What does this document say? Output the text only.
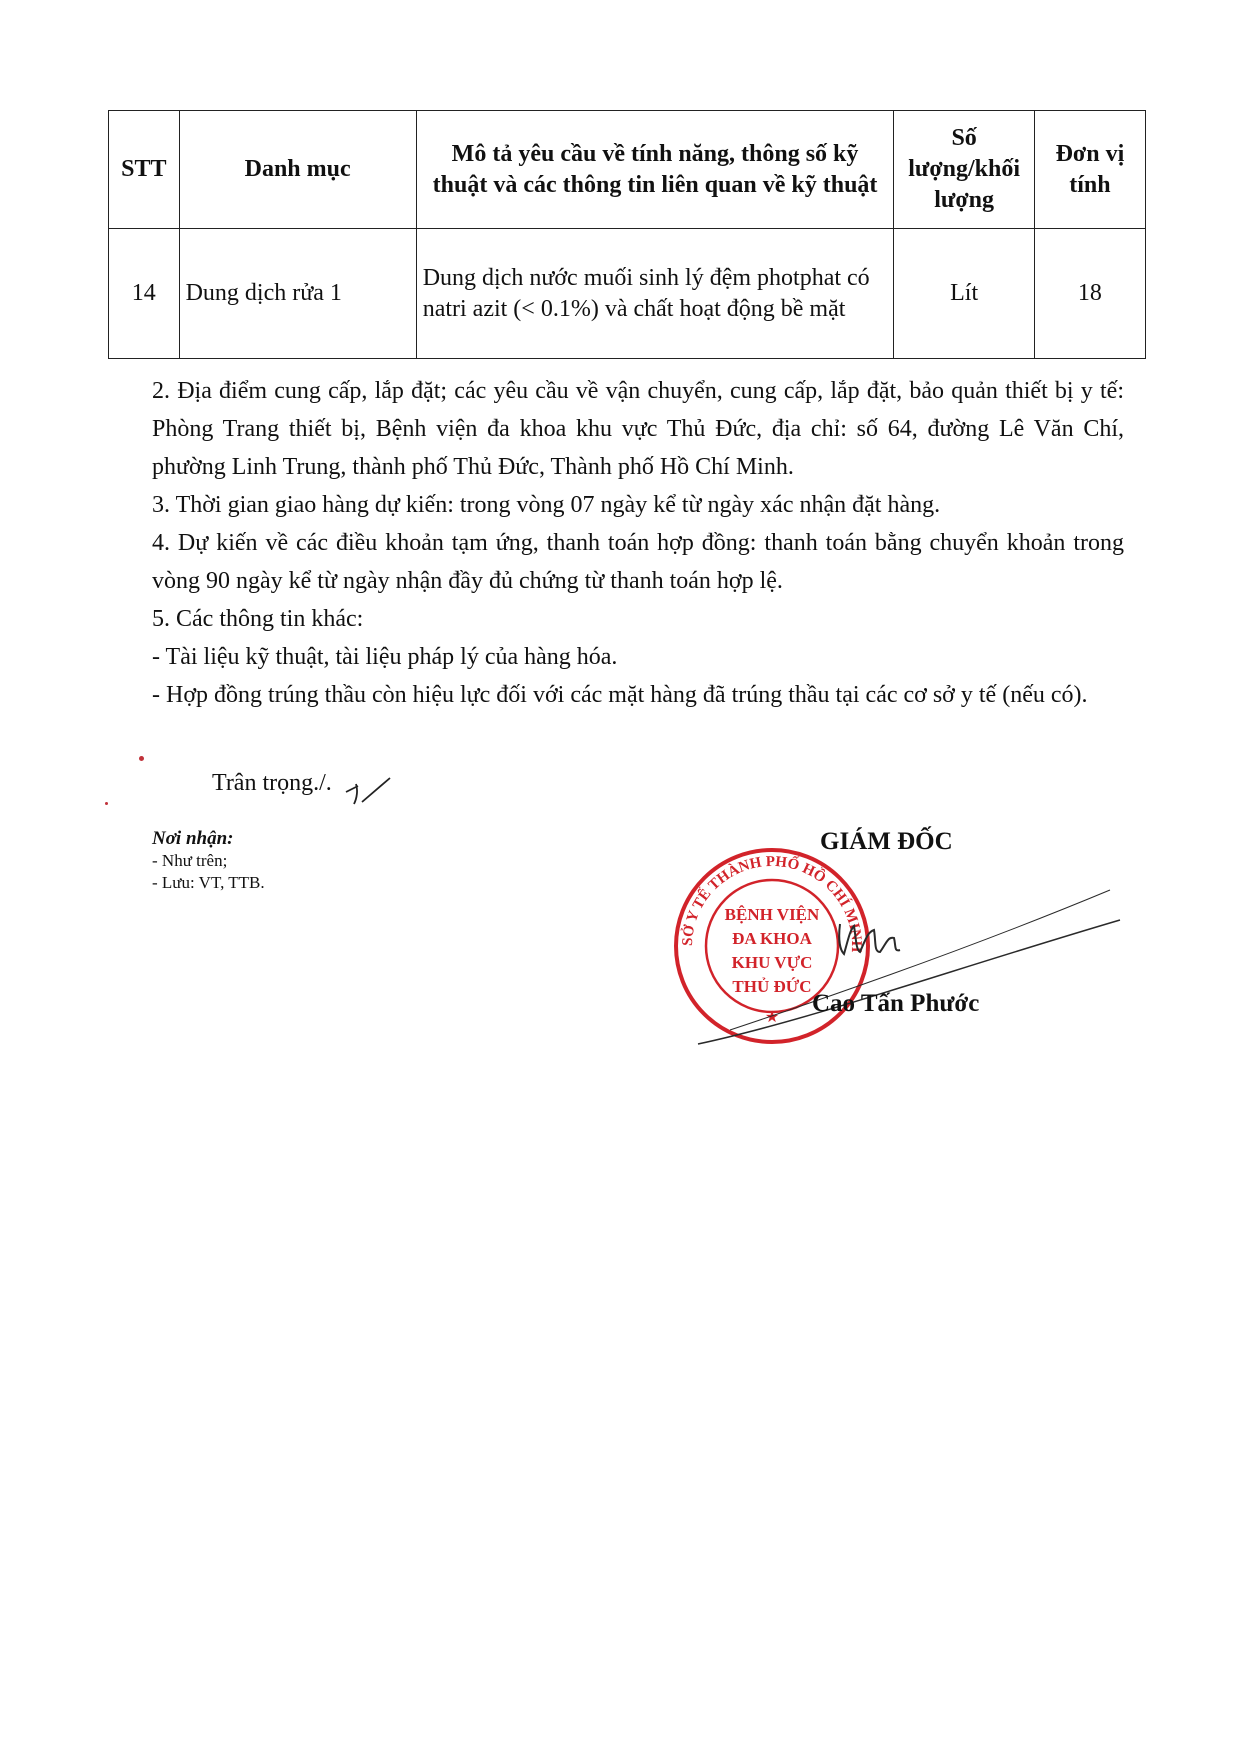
STT	Danh mục	Mô tả yêu cầu về tính năng, thông số kỹ thuật và các thông tin liên quan về kỹ thuật	Số lượng/khối lượng	Đơn vị tính
14	Dung dịch rửa 1	Dung dịch nước muối sinh lý đệm photphat có natri azit (< 0.1%) và chất hoạt động bề mặt	Lít	18
2. Địa điểm cung cấp, lắp đặt; các yêu cầu về vận chuyển, cung cấp, lắp đặt, bảo quản thiết bị y tế: Phòng Trang thiết bị, Bệnh viện đa khoa khu vực Thủ Đức, địa chỉ: số 64, đường Lê Văn Chí, phường Linh Trung, thành phố Thủ Đức, Thành phố Hồ Chí Minh.
3. Thời gian giao hàng dự kiến: trong vòng 07 ngày kể từ ngày xác nhận đặt hàng.
4. Dự kiến về các điều khoản tạm ứng, thanh toán hợp đồng: thanh toán bằng chuyển khoản trong vòng 90 ngày kể từ ngày nhận đầy đủ chứng từ thanh toán hợp lệ.
5. Các thông tin khác:
- Tài liệu kỹ thuật, tài liệu pháp lý của hàng hóa.
- Hợp đồng trúng thầu còn hiệu lực đối với các mặt hàng đã trúng thầu tại các cơ sở y tế (nếu có).
Trân trọng./.
Nơi nhận:
- Như trên;
- Lưu: VT, TTB.
GIÁM ĐỐC
SỞ Y TẾ THÀNH PHỐ HỒ CHÍ MINH
★
BỆNH VIỆN
ĐA KHOA
KHU VỰC
THỦ ĐỨC
Cao Tấn Phước
